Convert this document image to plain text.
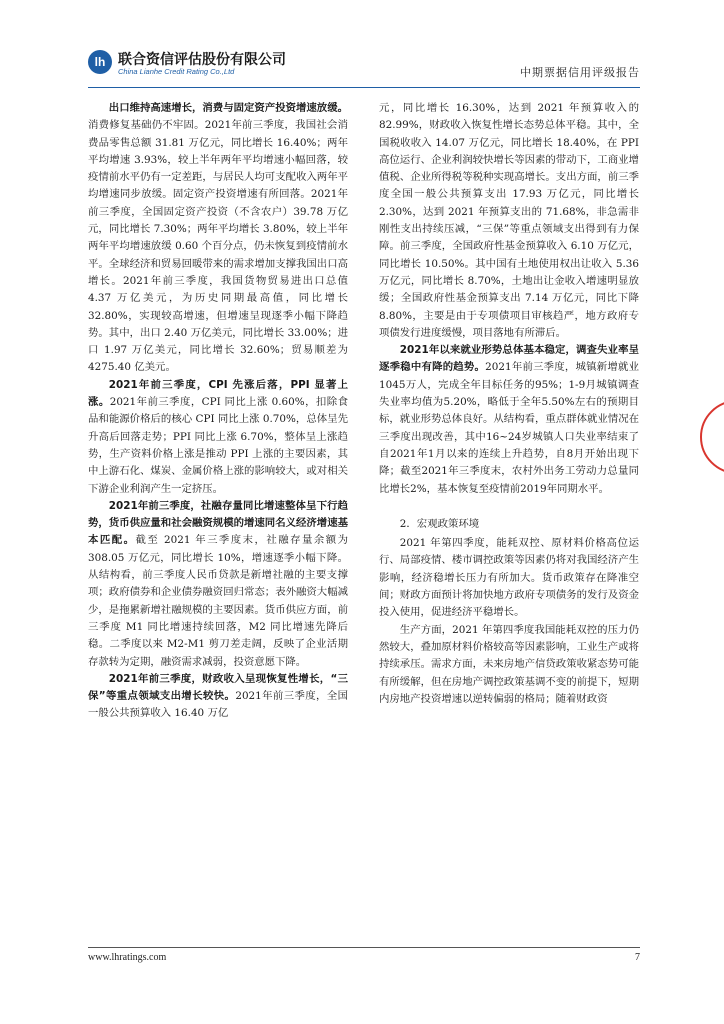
lh 联合资信评估股份有限公司
China Lianhe Credit Rating Co.,Ltd	中期票据信用评级报告

出口维持高速增长，消费与固定资产投资增速放缓。消费修复基础仍不牢固。2021年前三季度，我国社会消费品零售总额 31.81 万亿元，同比增长 16.40%；两年平均增速 3.93%，较上半年两年平均增速小幅回落，较疫情前水平仍有一定差距，与居民人均可支配收入两年平均增速同步放缓。固定资产投资增速有所回落。2021年前三季度，全国固定资产投资（不含农户）39.78 万亿元，同比增长 7.30%；两年平均增长 3.80%，较上半年两年平均增速放缓 0.60 个百分点，仍未恢复到疫情前水平。全球经济和贸易回暖带来的需求增加支撑我国出口高增长。2021年前三季度，我国货物贸易进出口总值 4.37 万亿美元，为历史同期最高值，同比增长 32.80%，实现较高增速，但增速呈现逐季小幅下降趋势。其中，出口 2.40 万亿美元，同比增长 33.00%；进口 1.97 万亿美元，同比增长 32.60%；贸易顺差为 4275.40 亿美元。

2021年前三季度，CPI 先涨后落，PPI 显著上涨。2021年前三季度，CPI 同比上涨 0.60%，扣除食品和能源价格后的核心 CPI 同比上涨 0.70%，总体呈先升高后回落走势；PPI 同比上涨 6.70%，整体呈上涨趋势，生产资料价格上涨是推动 PPI 上涨的主要因素，其中上游石化、煤炭、金属价格上涨的影响较大，或对相关下游企业利润产生一定挤压。

2021年前三季度，社融存量同比增速整体呈下行趋势，货币供应量和社会融资规模的增速同名义经济增速基本匹配。截至 2021 年三季度末，社融存量余额为 308.05 万亿元，同比增长 10%，增速逐季小幅下降。从结构看，前三季度人民币贷款是新增社融的主要支撑项；政府债券和企业债券融资回归常态；表外融资大幅减少，是拖累新增社融规模的主要因素。货币供应方面，前三季度 M1 同比增速持续回落，M2 同比增速先降后稳。二季度以来 M2-M1 剪刀差走阔，反映了企业活期存款转为定期，融资需求减弱，投资意愿下降。

2021年前三季度，财政收入呈现恢复性增长，“三保”等重点领域支出增长较快。2021年前三季度，全国一般公共预算收入 16.40 万亿

元，同比增长 16.30%，达到 2021 年预算收入的 82.99%，财政收入恢复性增长态势总体平稳。其中，全国税收收入 14.07 万亿元，同比增长 18.40%，在 PPI 高位运行、企业利润较快增长等因素的带动下，工商业增值税、企业所得税等税种实现高增长。支出方面，前三季度全国一般公共预算支出 17.93 万亿元，同比增长 2.30%，达到 2021 年预算支出的 71.68%，非急需非刚性支出持续压减，“三保”等重点领域支出得到有力保障。前三季度，全国政府性基金预算收入 6.10 万亿元，同比增长 10.50%。其中国有土地使用权出让收入 5.36 万亿元，同比增长 8.70%，土地出让金收入增速明显放缓；全国政府性基金预算支出 7.14 万亿元，同比下降 8.80%，主要是由于专项债项目审核趋严，地方政府专项债发行进度缓慢，项目落地有所滞后。

2021年以来就业形势总体基本稳定，调查失业率呈逐季稳中有降的趋势。2021年前三季度，城镇新增就业1045万人，完成全年目标任务的95%；1-9月城镇调查失业率均值为5.20%，略低于全年5.50%左右的预期目标，就业形势总体良好。从结构看，重点群体就业情况在三季度出现改善，其中16~24岁城镇人口失业率结束了自2021年1月以来的连续上升趋势，自8月开始出现下降；截至2021年三季度末，农村外出务工劳动力总量同比增长2%，基本恢复至疫情前2019年同期水平。

2．宏观政策环境

2021 年第四季度，能耗双控、原材料价格高位运行、局部疫情、楼市调控政策等因素仍将对我国经济产生影响，经济稳增长压力有所加大。货币政策存在降准空间；财政方面预计将加快地方政府专项债务的发行及资金投入使用，促进经济平稳增长。

生产方面，2021 年第四季度我国能耗双控的压力仍然较大，叠加原材料价格较高等因素影响，工业生产或将持续承压。需求方面，未来房地产信贷政策收紧态势可能有所缓解，但在房地产调控政策基调不变的前提下，短期内房地产投资增速以逆转偏弱的格局；随着财政资

www.lhratings.com	7
